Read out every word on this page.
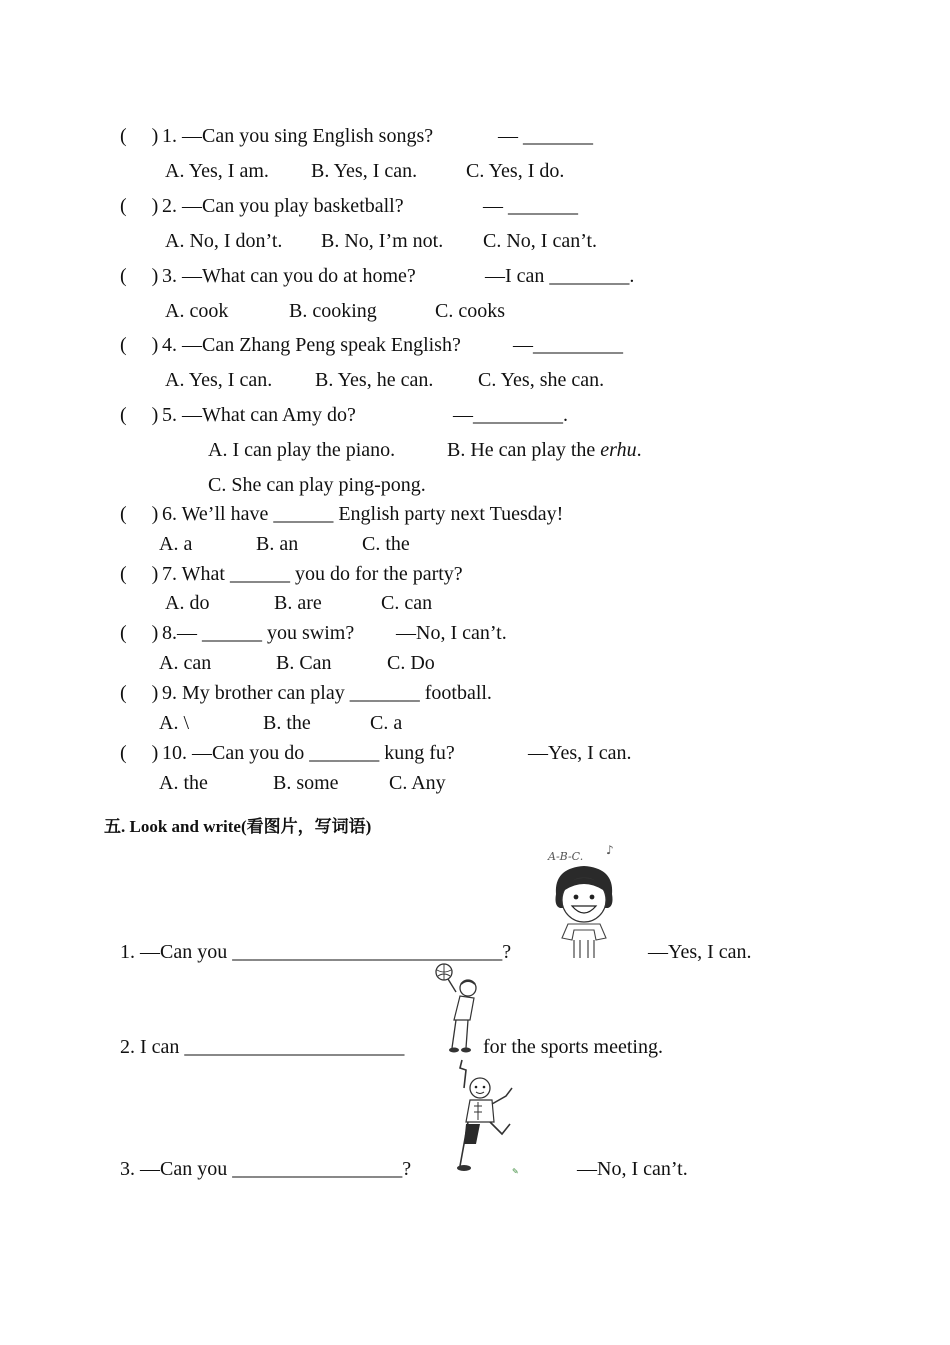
(     ) 1. —Can you sing English songs?	— _______
A. Yes, I am. B. Yes, I can. C. Yes, I do.
(     ) 2. —Can you play basketball?	— _______
A. No, I don’t. B. No, I’m not. C. No, I can’t.
(     ) 3. —What can you do at home?	—I can ________.
A. cook	B. cooking	C. cooks
(     ) 4. —Can Zhang Peng speak English?	—_________
A. Yes, I can. B. Yes, he can. C. Yes, she can.
(     ) 5. —What can Amy do?	—_________.
A. I can play the piano.	B. He can play the erhu.
C. She can play ping-pong.
(     ) 6. We’ll have ______ English party next Tuesday!
A. a	B. an	C. the
(     ) 7. What ______ you do for the party?
A. do	B. are	C. can
(     ) 8.— ______ you swim? —No, I can’t.
A. can	B. Can	C. Do
(     ) 9. My brother can play _______ football.
A. \	B. the	C. a
(     ) 10. —Can you do _______ kung fu?	—Yes, I can.
A. the	B. some	C. Any
五. Look and write(看图片，写词语)
A-B-C. ♪
1. —Can you ___________________________?	—Yes, I can.
2. I can ______________________	for the sports meeting.
✎
3. —Can you _________________?	—No, I can’t.
